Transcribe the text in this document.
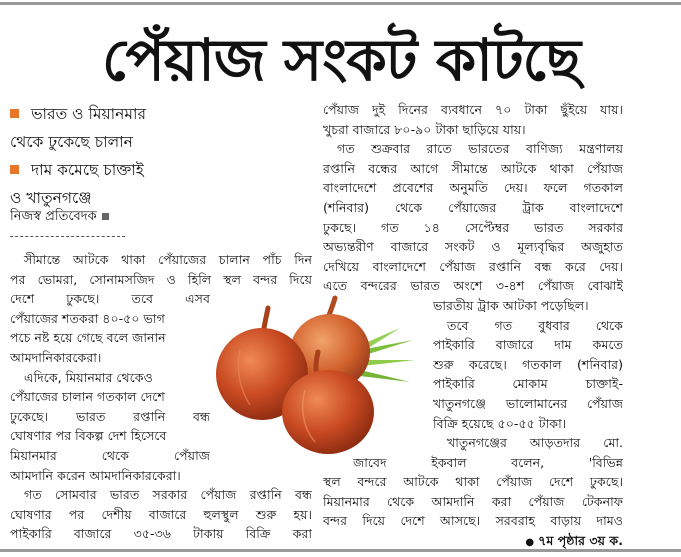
পেঁয়াজ সংকট কাটছে
ভারত ও মিয়ানমার
থেকে ঢুকেছে চালান
দাম কমেছে চাক্তাই
ও খাতুনগঞ্জে
নিজস্ব প্রতিবেদক
সীমান্তে আটকে থাকা পেঁয়াজের চালান পাঁচ দিন
পর ভোমরা, সোনামসজিদ ও হিলি স্থল বন্দর দিয়ে
দেশে ঢুকছে। তবে এসব
পেঁয়াজের শতকরা ৪০-৫০ ভাগ
পচে নষ্ট হয়ে গেছে বলে জানান
আমদানিকারকেরা।
এদিকে, মিয়ানমার থেকেও
পেঁয়াজের চালান গতকাল দেশে
ঢুকেছে। ভারত রপ্তানি বন্ধ
ঘোষণার পর বিকল্প দেশ হিসেবে
মিয়ানমার থেকে পেঁয়াজ
আমদানি করেন আমদানিকারকেরা।
গত সোমবার ভারত সরকার পেঁয়াজ রপ্তানি বন্ধ
ঘোষণার পর দেশীয় বাজারে হুলস্থুল শুরু হয়।
পাইকারি বাজারে ৩৫-৩৬ টাকায় বিক্রি করা
পেঁয়াজ দুই দিনের ব্যবধানে ৭০ টাকা ছুঁইয়ে যায়।
খুচরা বাজারে ৮০-৯০ টাকা ছাড়িয়ে যায়।
গত শুক্রবার রাতে ভারতের বাণিজ্য মন্ত্রণালয়
রপ্তানি বন্ধের আগে সীমান্তে আটকে থাকা পেঁয়াজ
বাংলাদেশে প্রবেশের অনুমতি দেয়। ফলে গতকাল
(শনিবার) থেকে পেঁয়াজের ট্রাক বাংলাদেশে
ঢুকছে। গত ১৪ সেপ্টেম্বর ভারত সরকার
অভ্যন্তরীণ বাজারে সংকট ও মূল্যবৃদ্ধির অজুহাত
দেখিয়ে বাংলাদেশে পেঁয়াজ রপ্তানি বন্ধ করে দেয়।
এতে বন্দরের ভারত অংশে ৩-৪শ পেঁয়াজ বোঝাই
ভারতীয় ট্রাক আটকা পড়েছিল।
তবে গত বুধবার থেকে
পাইকারি বাজারে দাম কমতে
শুরু করেছে। গতকাল (শনিবার)
পাইকারি মোকাম চাক্তাই-
খাতুনগঞ্জে ভালোমানের পেঁয়াজ
বিক্রি হয়েছে ৫০-৫৫ টাকা।
খাতুনগঞ্জের আড়তদার মো.
জাবেদ ইকবাল বলেন, 'বিভিন্ন
স্থল বন্দরে আটকে থাকা পেঁয়াজ দেশে ঢুকছে।
মিয়ানমার থেকে আমদানি করা পেঁয়াজ টেকনাফ
বন্দর দিয়ে দেশে আসছে। সরবরাহ বাড়ায় দামও
● ৭ম পৃষ্ঠার ৩য় ক.
